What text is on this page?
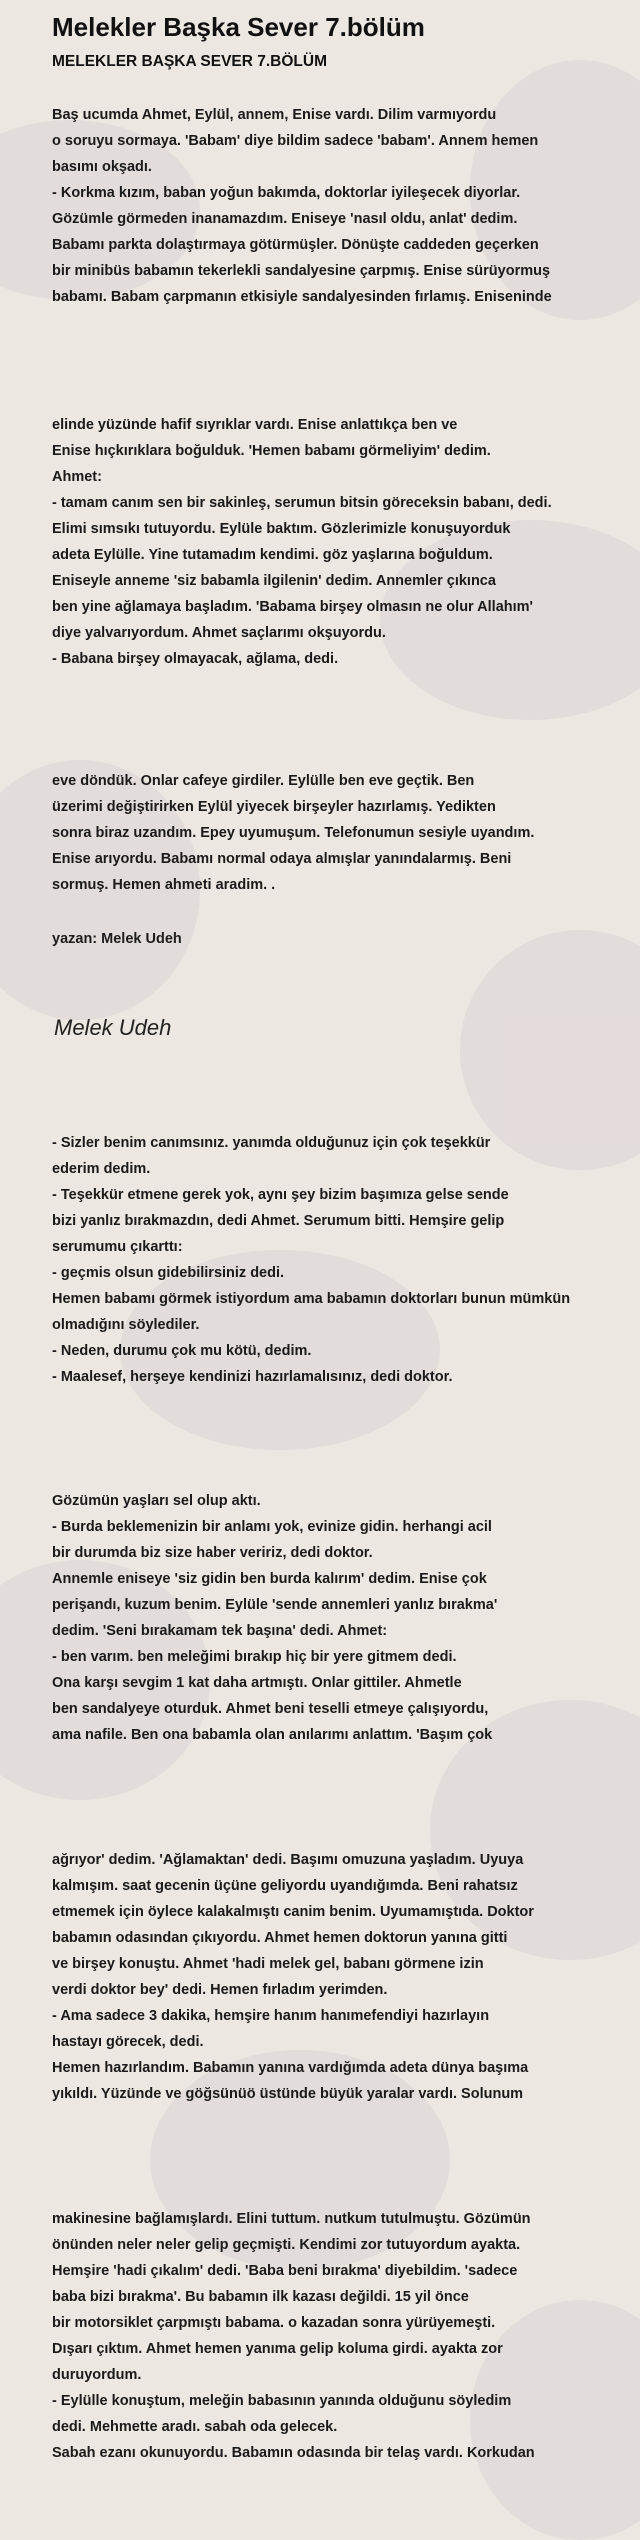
Melekler Başka Sever 7.bölüm
MELEKLER BAŞKA SEVER 7.BÖLÜM
Baş ucumda Ahmet, Eylül, annem, Enise vardı. Dilim varmıyordu
o soruyu sormaya. 'Babam' diye bildim sadece 'babam'. Annem hemen
basımı okşadı.
- Korkma kızım, baban yoğun bakımda, doktorlar iyileşecek diyorlar.
Gözümle görmeden inanamazdım. Eniseye 'nasıl oldu, anlat' dedim.
Babamı parkta dolaştırmaya götürmüşler. Dönüşte caddeden geçerken
bir minibüs babamın tekerlekli sandalyesine çarpmış. Enise sürüyormuş
babamı. Babam çarpmanın etkisiyle sandalyesinden fırlamış. Eniseninde
elinde yüzünde hafif sıyrıklar vardı. Enise anlattıkça ben ve
Enise hıçkırıklara boğulduk. 'Hemen babamı görmeliyim' dedim.
Ahmet:
- tamam canım sen bir sakinleş, serumun bitsin göreceksin babanı, dedi.
Elimi sımsıkı tutuyordu. Eylüle baktım. Gözlerimizle konuşuyorduk
adeta Eylülle. Yine tutamadım kendimi. göz yaşlarına boğuldum.
Eniseyle anneme 'siz babamla ilgilenin' dedim. Annemler çıkınca
ben yine ağlamaya başladım. 'Babama birşey olmasın ne olur Allahım'
diye yalvarıyordum. Ahmet saçlarımı okşuyordu.
- Babana birşey olmayacak, ağlama, dedi.
eve döndük. Onlar cafeye girdiler. Eylülle ben eve geçtik. Ben
üzerimi değiştirirken Eylül yiyecek birşeyler hazırlamış. Yedikten
sonra biraz uzandım. Epey uyumuşum. Telefonumun sesiyle uyandım.
Enise arıyordu. Babamı normal odaya almışlar yanındalarmış. Beni
sormuş. Hemen ahmeti aradim. .
yazan: Melek Udeh
Melek Udeh
- Sizler benim canımsınız. yanımda olduğunuz için çok teşekkür
ederim dedim.
- Teşekkür etmene gerek yok, aynı şey bizim başımıza gelse sende
bizi yanlız bırakmazdın, dedi Ahmet. Serumum bitti. Hemşire gelip
serumumu çıkarttı:
- geçmis olsun gidebilirsiniz dedi.
Hemen babamı görmek istiyordum ama babamın doktorları bunun mümkün
olmadığını söylediler.
- Neden, durumu çok mu kötü, dedim.
- Maalesef, herşeye kendinizi hazırlamalısınız, dedi doktor.
Gözümün yaşları sel olup aktı.
- Burda beklemenizin bir anlamı yok, evinize gidin. herhangi acil
bir durumda biz size haber veririz, dedi doktor.
Annemle eniseye 'siz gidin ben burda kalırım' dedim. Enise çok
perişandı, kuzum benim. Eylüle 'sende annemleri yanlız bırakma'
dedim. 'Seni bırakamam tek başına' dedi. Ahmet:
- ben varım. ben meleğimi bırakıp hiç bir yere gitmem dedi.
Ona karşı sevgim 1 kat daha artmıştı. Onlar gittiler. Ahmetle
ben sandalyeye oturduk. Ahmet beni teselli etmeye çalışıyordu,
ama nafile. Ben ona babamla olan anılarımı anlattım. 'Başım çok
ağrıyor' dedim. 'Ağlamaktan' dedi. Başımı omuzuna yaşladım. Uyuya
kalmışım. saat gecenin üçüne geliyordu uyandığımda. Beni rahatsız
etmemek için öylece kalakalmıştı canim benim. Uyumamıştıda. Doktor
babamın odasından çıkıyordu. Ahmet hemen doktorun yanına gitti
ve birşey konuştu. Ahmet 'hadi melek gel, babanı görmene izin
verdi doktor bey' dedi. Hemen fırladım yerimden.
- Ama sadece 3 dakika, hemşire hanım hanımefendiyi hazırlayın
hastayı görecek, dedi.
Hemen hazırlandım. Babamın yanına vardığımda adeta dünya başıma
yıkıldı. Yüzünde ve göğsünüö üstünde büyük yaralar vardı. Solunum
makinesine bağlamışlardı. Elini tuttum. nutkum tutulmuştu. Gözümün
önünden neler neler gelip geçmişti. Kendimi zor tutuyordum ayakta.
Hemşire 'hadi çıkalım' dedi. 'Baba beni bırakma' diyebildim. 'sadece
baba bizi bırakma'. Bu babamın ilk kazası değildi. 15 yil önce
bir motorsiklet çarpmıştı babama. o kazadan sonra yürüyemeşti.
Dışarı çıktım. Ahmet hemen yanıma gelip koluma girdi. ayakta zor
duruyordum.
- Eylülle konuştum, meleğin babasının yanında olduğunu söyledim
dedi. Mehmette aradı. sabah oda gelecek.
Sabah ezanı okunuyordu. Babamın odasında bir telaş vardı. Korkudan
